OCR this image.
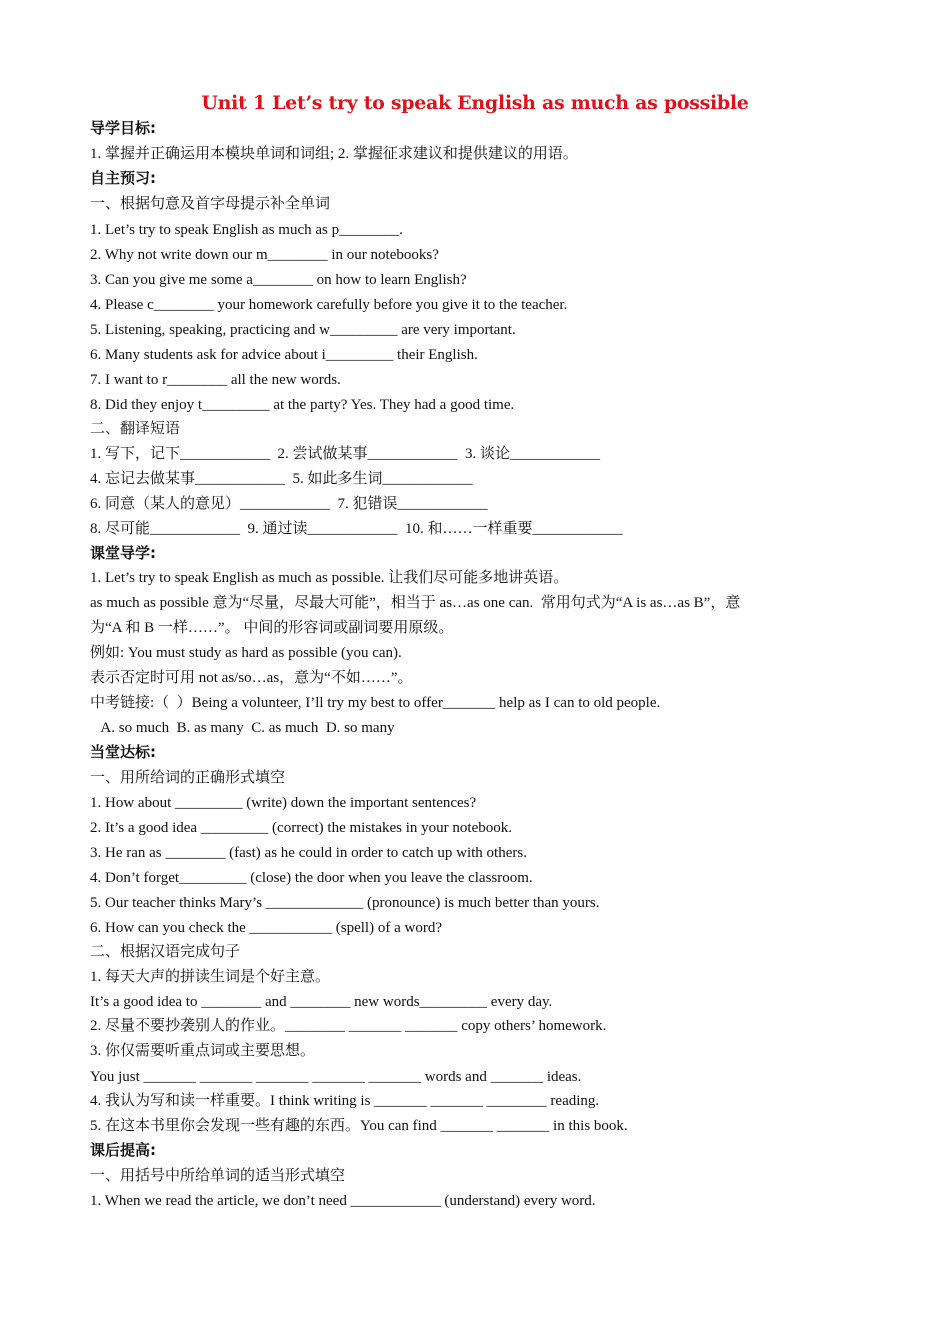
Unit 1 Let’s try to speak English as much as possible
导学目标:
1. 掌握并正确运用本模块单词和词组; 2. 掌握征求建议和提供建议的用语。
自主预习:
一、根据句意及首字母提示补全单词
1. Let’s try to speak English as much as p________.
2. Why not write down our m________ in our notebooks?
3. Can you give me some a________ on how to learn English?
4. Please c________ your homework carefully before you give it to the teacher.
5. Listening, speaking, practicing and w_________ are very important.
6. Many students ask for advice about i_________ their English.
7. I want to r________ all the new words.
8. Did they enjoy t_________ at the party? Yes. They had a good time.
二、翻译短语
1. 写下，记下____________  2. 尝试做某事____________  3. 谈论____________
4. 忘记去做某事____________  5. 如此多生词____________
6. 同意（某人的意见）____________  7. 犯错误____________
8. 尽可能____________  9. 通过读____________  10. 和……一样重要____________
课堂导学:
1. Let’s try to speak English as much as possible. 让我们尽可能多地讲英语。
as much as possible 意为“尽量，尽最大可能”，相当于 as…as one can.  常用句式为“A is as…as B”，意
为“A 和 B 一样……”。 中间的形容词或副词要用原级。
例如: You must study as hard as possible (you can).
表示否定时可用 not as/so…as，意为“不如……”。
中考链接:（  ）Being a volunteer, I’ll try my best to offer_______ help as I can to old people.
A. so much  B. as many  C. as much  D. so many
当堂达标:
一、用所给词的正确形式填空
1. How about _________ (write) down the important sentences?
2. It’s a good idea _________ (correct) the mistakes in your notebook.
3. He ran as ________ (fast) as he could in order to catch up with others.
4. Don’t forget_________ (close) the door when you leave the classroom.
5. Our teacher thinks Mary’s _____________ (pronounce) is much better than yours.
6. How can you check the ___________ (spell) of a word?
二、根据汉语完成句子
1. 每天大声的拼读生词是个好主意。
It’s a good idea to ________ and ________ new words_________ every day.
2. 尽量不要抄袭别人的作业。________ _______ _______ copy others’ homework.
3. 你仅需要听重点词或主要思想。
You just _______ _______ _______ _______ _______ words and _______ ideas.
4. 我认为写和读一样重要。I think writing is _______ _______ ________ reading.
5. 在这本书里你会发现一些有趣的东西。You can find _______ _______ in this book.
课后提高:
一、用括号中所给单词的适当形式填空
1. When we read the article, we don’t need ____________ (understand) every word.
